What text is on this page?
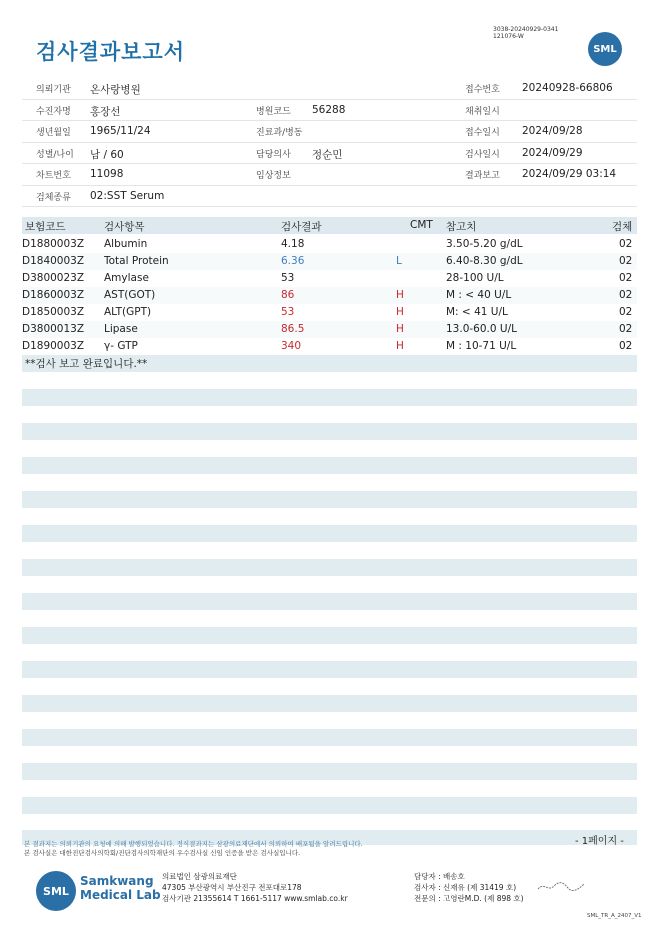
검사결과보고서
3038-20240929-0341
121076-W
SML
의뢰기관 온사랑병원	접수번호 20240928-66806
수진자명 홍장선	병원코드 56288	채취일시
생년월일 1965/11/24	진료과/병동	접수일시 2024/09/28
성별/나이 남 / 60	담당의사 정순민	검사일시 2024/09/29
차트번호 11098	임상정보	결과보고 2024/09/29 03:14
검체종류 02:SST Serum
보험코드	검사항목	검사결과	CMT 참고치	검체
D1880003Z Albumin	4.18	3.50-5.20 g/dL	02
D1840003Z Total Protein	6.36	L	6.40-8.30 g/dL	02
D3800023Z Amylase	53	28-100 U/L	02
D1860003Z AST(GOT)	86	H	M : < 40 U/L	02
D1850003Z ALT(GPT)	53	H	M: < 41 U/L	02
D3800013Z Lipase	86.5	H	13.0-60.0 U/L	02
D1890003Z γ- GTP	340	H	M : 10-71 U/L	02
**검사 보고 완료입니다.**
본 결과지는 의뢰기관의 요청에 의해 발행되었습니다. 정식결과지는 삼광의료재단에서 의뢰하여 배포됨을 알려드립니다.
본 검사실은 대한진단검사의학회/진단검사의학재단의 우수검사실 신임 인증을 받은 검사실입니다.
- 1페이지 -
SML
Samkwang
Medical Lab
의료법인 삼광의료재단
47305 부산광역시 부산진구 전포대로178
검사기관 21355614 T 1661-5117 www.smlab.co.kr
담당자 : 배송호
검사자 : 신재유 (제 31419 호)
전문의 : 고영란M.D. (제 898 호)
SML_TR_A_2407_V1
